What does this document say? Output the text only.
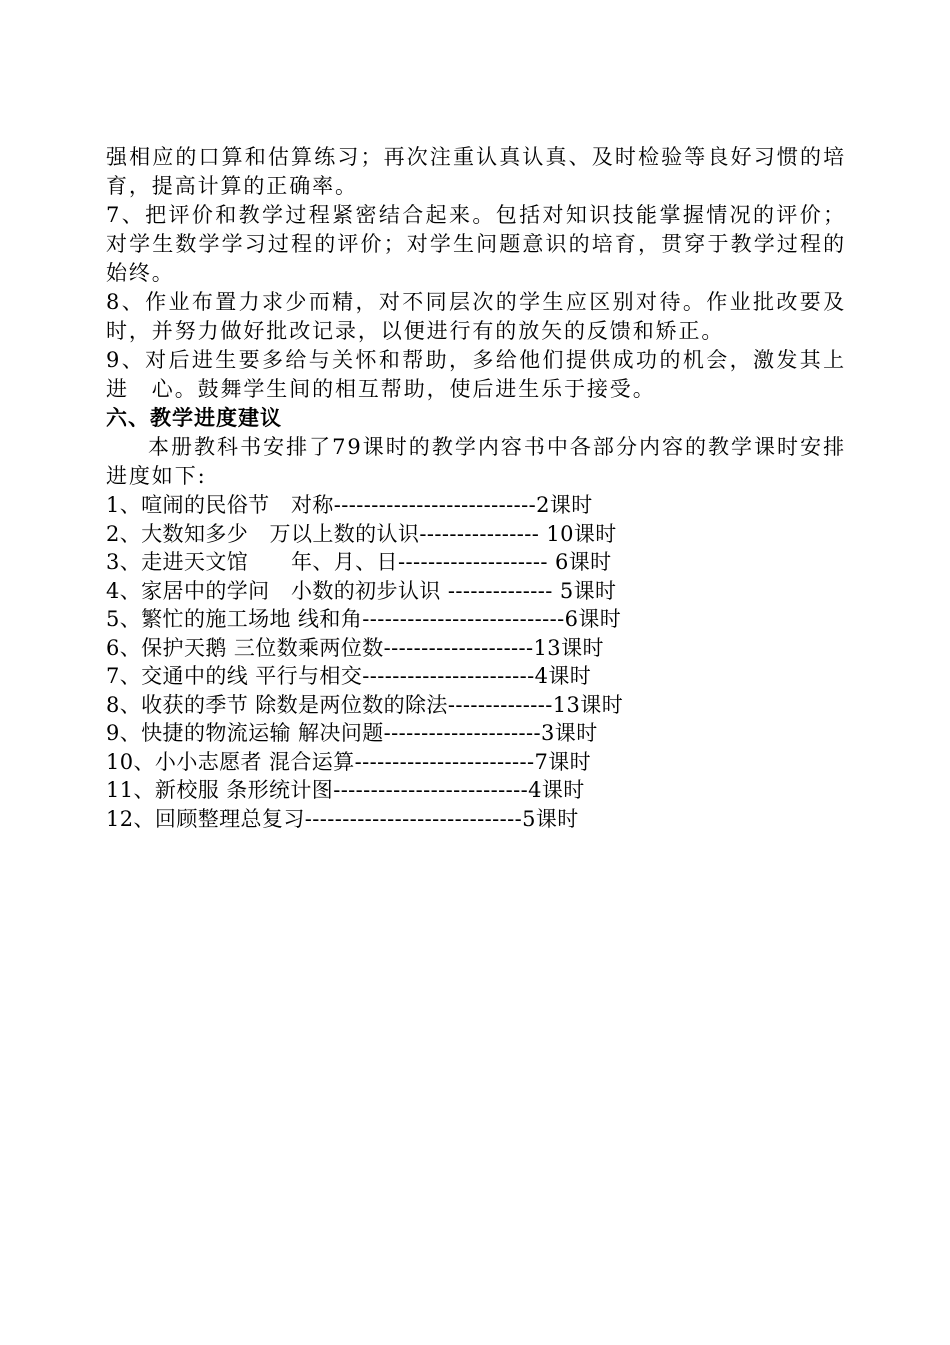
强相应的口算和估算练习；再次注重认真认真、及时检验等良好习惯的培育，提高计算的正确率。

7、把评价和教学过程紧密结合起来。包括对知识技能掌握情况的评价；对学生数学学习过程的评价；对学生问题意识的培育，贯穿于教学过程的始终。

8、作业布置力求少而精，对不同层次的学生应区别对待。作业批改要及时，并努力做好批改记录，以便进行有的放矢的反馈和矫正。

9、对后进生要多给与关怀和帮助，多给他们提供成功的机会，激发其上进　心。鼓舞学生间的相互帮助，使后进生乐于接受。

六、教学进度建议

本册教科书安排了79课时的教学内容书中各部分内容的教学课时安排进度如下:

1、喧闹的民俗节　对称---------------------------2课时
2、大数知多少　万以上数的认识---------------- 10课时
3、走进天文馆　　年、月、日-------------------- 6课时
4、家居中的学问　小数的初步认识 -------------- 5课时
5、繁忙的施工场地 线和角---------------------------6课时
6、保护天鹅 三位数乘两位数--------------------13课时
7、交通中的线 平行与相交-----------------------4课时
8、收获的季节 除数是两位数的除法--------------13课时
9、快捷的物流运输 解决问题---------------------3课时
10、小小志愿者 混合运算------------------------7课时
11、新校服 条形统计图--------------------------4课时
12、回顾整理总复习-----------------------------5课时
